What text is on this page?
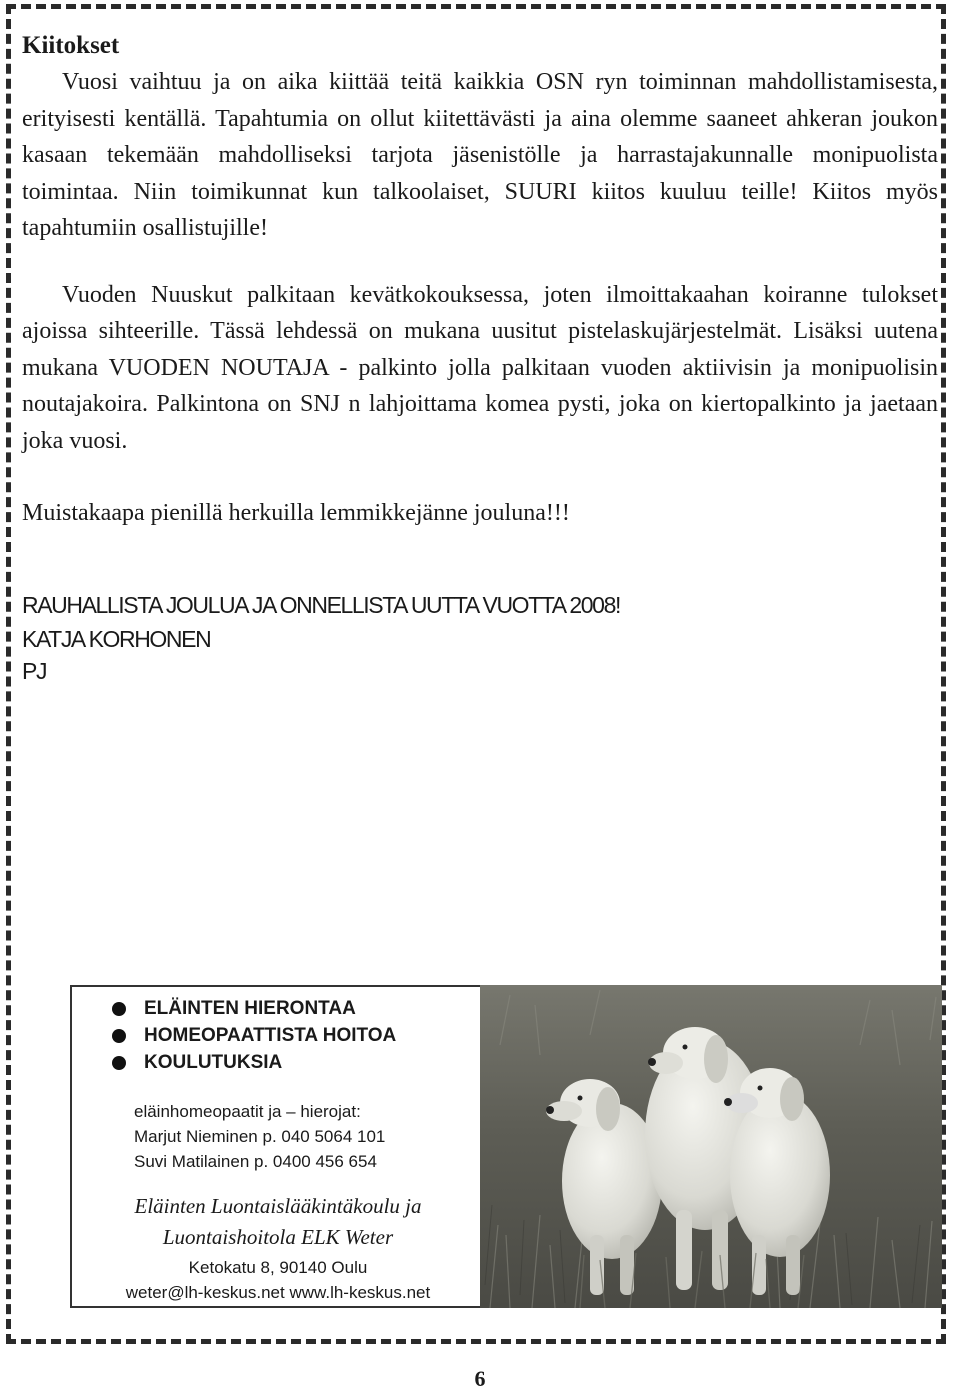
Kiitokset

Vuosi vaihtuu ja on aika kiittää teitä kaikkia OSN ryn toiminnan mahdollistamisesta, erityisesti kentällä. Tapahtumia on ollut kiitettävästi ja aina olemme saaneet ahkeran joukon kasaan tekemään mahdolliseksi tarjota jäsenistölle ja harrastajakunnalle monipuolista toimintaa. Niin toimikunnat kun talkoolaiset, SUURI kiitos kuuluu teille! Kiitos myös tapahtumiin osallistujille!

Vuoden Nuuskut palkitaan kevätkokouksessa, joten ilmoittakaahan koiranne tulokset ajoissa sihteerille. Tässä lehdessä on mukana uusitut pistelaskujärjestelmät. Lisäksi uutena mukana VUODEN NOUTAJA - palkinto jolla palkitaan vuoden aktiivisin ja monipuolisin noutajakoira. Palkintona on SNJ n lahjoittama komea pysti, joka on kiertopalkinto ja jaetaan joka vuosi.

Muistakaapa pienillä herkuilla lemmikkejänne jouluna!!!

RAUHALLISTA JOULUA JA ONNELLISTA UUTTA VUOTTA 2008!

KATJA KORHONEN

PJ

ELÄINTEN HIERONTAA
HOMEOPAATTISTA HOITOA
KOULUTUKSIA
eläinhomeopaatit ja – hierojat:
Marjut Nieminen p. 040 5064 101
Suvi Matilainen p. 0400 456 654

Eläinten Luontaislääkintäkoulu ja

Luontaishoitola ELK Weter

Ketokatu 8, 90140 Oulu
weter@lh-keskus.net www.lh-keskus.net
6
